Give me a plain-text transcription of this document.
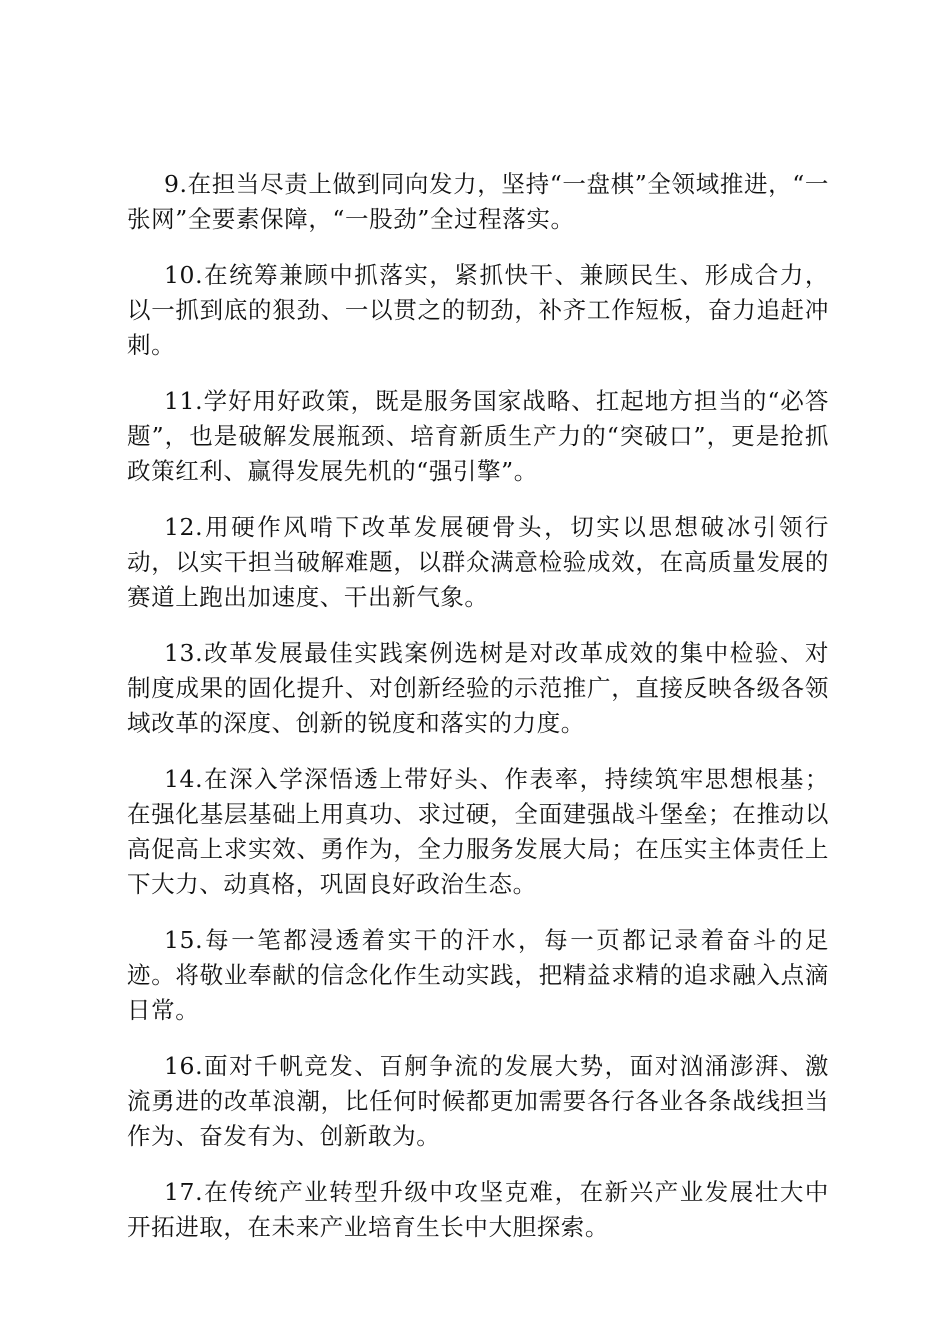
9.在担当尽责上做到同向发力，坚持“一盘棋”全领域推进，“一张网”全要素保障，“一股劲”全过程落实。

10.在统筹兼顾中抓落实，紧抓快干、兼顾民生、形成合力，以一抓到底的狠劲、一以贯之的韧劲，补齐工作短板，奋力追赶冲刺。

11.学好用好政策，既是服务国家战略、扛起地方担当的“必答题”，也是破解发展瓶颈、培育新质生产力的“突破口”，更是抢抓政策红利、赢得发展先机的“强引擎”。

12.用硬作风啃下改革发展硬骨头，切实以思想破冰引领行动，以实干担当破解难题，以群众满意检验成效，在高质量发展的赛道上跑出加速度、干出新气象。

13.改革发展最佳实践案例选树是对改革成效的集中检验、对制度成果的固化提升、对创新经验的示范推广，直接反映各级各领域改革的深度、创新的锐度和落实的力度。

14.在深入学深悟透上带好头、作表率，持续筑牢思想根基；在强化基层基础上用真功、求过硬，全面建强战斗堡垒；在推动以高促高上求实效、勇作为，全力服务发展大局；在压实主体责任上下大力、动真格，巩固良好政治生态。

15.每一笔都浸透着实干的汗水，每一页都记录着奋斗的足迹。将敬业奉献的信念化作生动实践，把精益求精的追求融入点滴日常。

16.面对千帆竞发、百舸争流的发展大势，面对汹涌澎湃、激流勇进的改革浪潮，比任何时候都更加需要各行各业各条战线担当作为、奋发有为、创新敢为。

17.在传统产业转型升级中攻坚克难，在新兴产业发展壮大中开拓进取，在未来产业培育生长中大胆探索。
